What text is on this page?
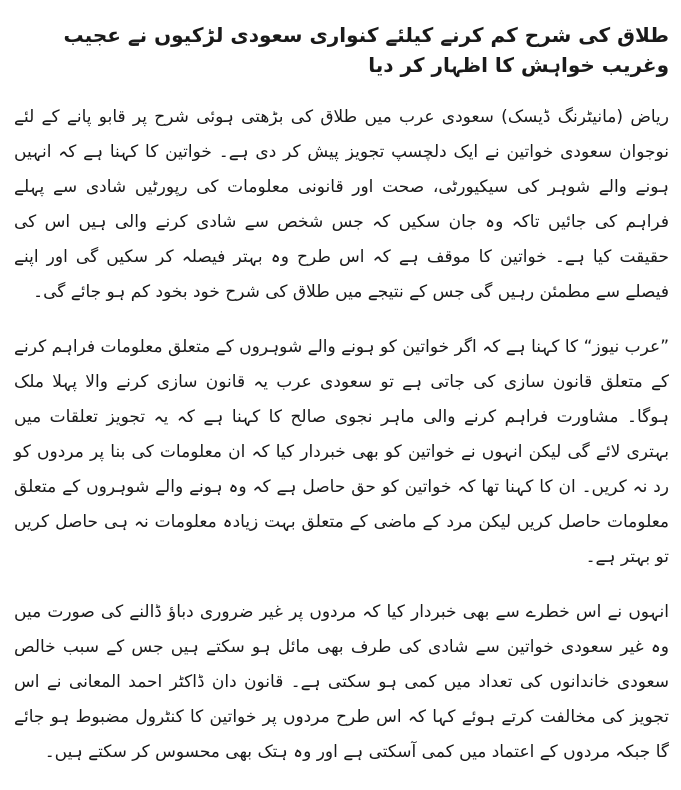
طلاق کی شرح کم کرنے کیلئے کنواری سعودی لڑکیوں نے عجیب وغریب خواہش کا اظہار کر دیا

ریاض (مانیٹرنگ ڈیسک) سعودی عرب میں طلاق کی بڑھتی ہوئی شرح پر قابو پانے کے لئے نوجوان سعودی خواتین نے ایک دلچسپ تجویز پیش کر دی ہے۔ خواتین کا کہنا ہے کہ انہیں ہونے والے شوہر کی سیکیورٹی، صحت اور قانونی معلومات کی رپورٹیں شادی سے پہلے فراہم کی جائیں تاکہ وہ جان سکیں کہ جس شخص سے شادی کرنے والی ہیں اس کی حقیقت کیا ہے۔ خواتین کا موقف ہے کہ اس طرح وہ بہتر فیصلہ کر سکیں گی اور اپنے فیصلے سے مطمئن رہیں گی جس کے نتیجے میں طلاق کی شرح خود بخود کم ہو جائے گی۔

”عرب نیوز“ کا کہنا ہے کہ اگر خواتین کو ہونے والے شوہروں کے متعلق معلومات فراہم کرنے کے متعلق قانون سازی کی جاتی ہے تو سعودی عرب یہ قانون سازی کرنے والا پہلا ملک ہوگا۔ مشاورت فراہم کرنے والی ماہر نجوی صالح کا کہنا ہے کہ یہ تجویز تعلقات میں بہتری لائے گی لیکن انہوں نے خواتین کو بھی خبردار کیا کہ ان معلومات کی بنا پر مردوں کو رد نہ کریں۔ ان کا کہنا تھا کہ خواتین کو حق حاصل ہے کہ وہ ہونے والے شوہروں کے متعلق معلومات حاصل کریں لیکن مرد کے ماضی کے متعلق بہت زیادہ معلومات نہ ہی حاصل کریں تو بہتر ہے۔

انہوں نے اس خطرے سے بھی خبردار کیا کہ مردوں پر غیر ضروری دباؤ ڈالنے کی صورت میں وہ غیر سعودی خواتین سے شادی کی طرف بھی مائل ہو سکتے ہیں جس کے سبب خالص سعودی خاندانوں کی تعداد میں کمی ہو سکتی ہے۔ قانون دان ڈاکٹر احمد المعانی نے اس تجویز کی مخالفت کرتے ہوئے کہا کہ اس طرح مردوں پر خواتین کا کنٹرول مضبوط ہو جائے گا جبکہ مردوں کے اعتماد میں کمی آسکتی ہے اور وہ ہتک بھی محسوس کر سکتے ہیں۔
